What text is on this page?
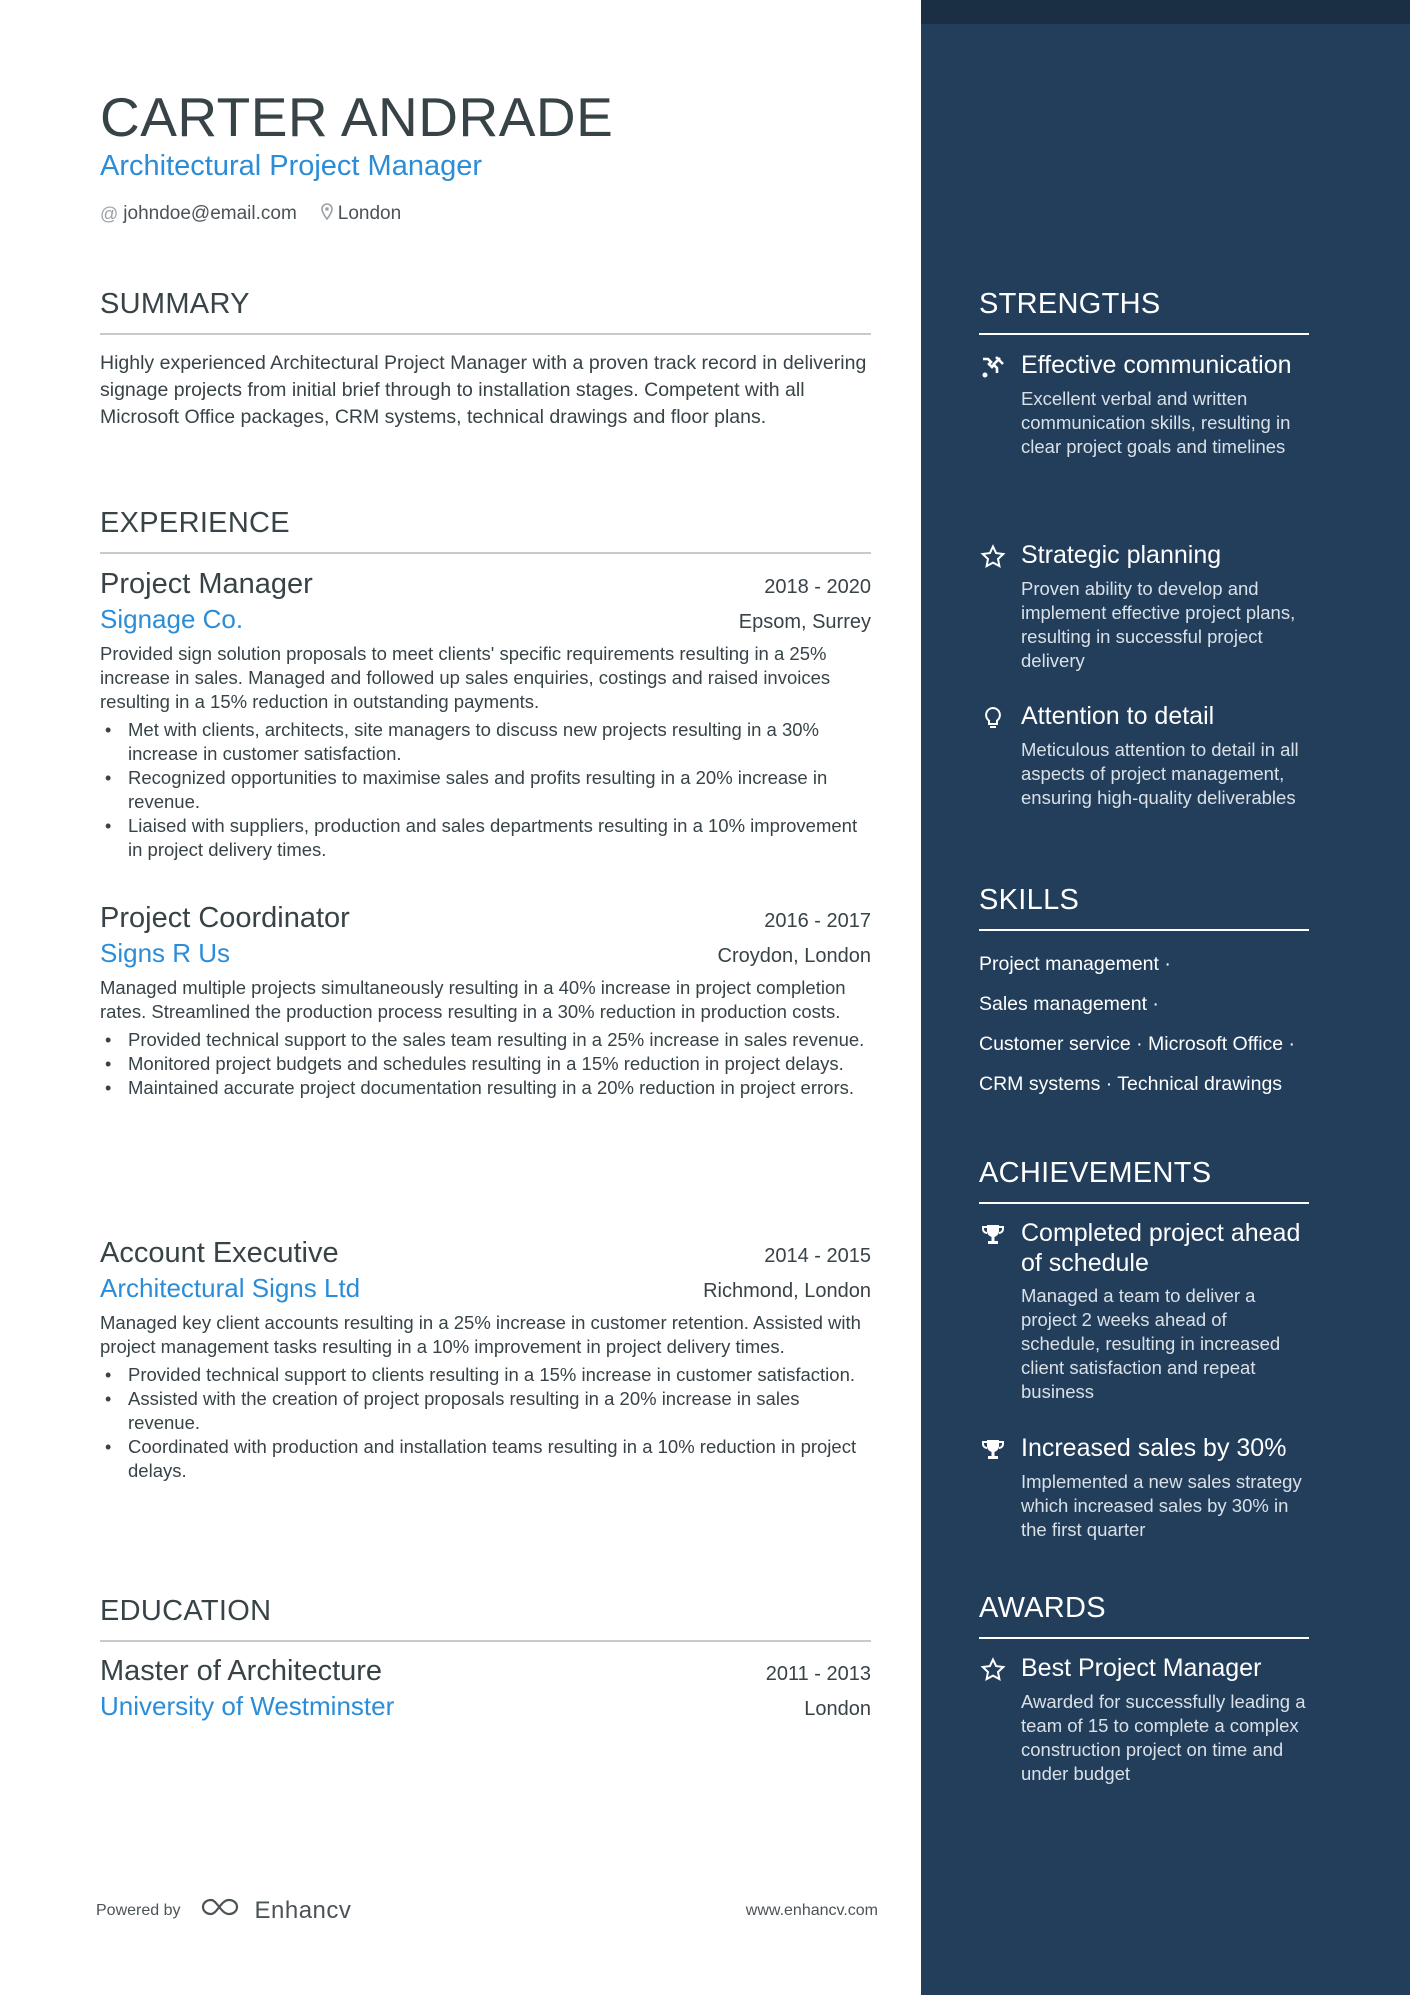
CARTER ANDRADE
Architectural Project Manager
@ johndoe@email.com London
SUMMARY
Highly experienced Architectural Project Manager with a proven track record in delivering signage projects from initial brief through to installation stages. Competent with all Microsoft Office packages, CRM systems, technical drawings and floor plans.
EXPERIENCE
Project Manager	2018 - 2020
Signage Co.	Epsom, Surrey
Provided sign solution proposals to meet clients' specific requirements resulting in a 25% increase in sales. Managed and followed up sales enquiries, costings and raised invoices resulting in a 15% reduction in outstanding payments.
• Met with clients, architects, site managers to discuss new projects resulting in a 30% increase in customer satisfaction.
• Recognized opportunities to maximise sales and profits resulting in a 20% increase in revenue.
• Liaised with suppliers, production and sales departments resulting in a 10% improvement in project delivery times.
Project Coordinator	2016 - 2017
Signs R Us	Croydon, London
Managed multiple projects simultaneously resulting in a 40% increase in project completion rates. Streamlined the production process resulting in a 30% reduction in production costs.
• Provided technical support to the sales team resulting in a 25% increase in sales revenue.
• Monitored project budgets and schedules resulting in a 15% reduction in project delays.
• Maintained accurate project documentation resulting in a 20% reduction in project errors.
Account Executive	2014 - 2015
Architectural Signs Ltd	Richmond, London
Managed key client accounts resulting in a 25% increase in customer retention. Assisted with project management tasks resulting in a 10% improvement in project delivery times.
• Provided technical support to clients resulting in a 15% increase in customer satisfaction.
• Assisted with the creation of project proposals resulting in a 20% increase in sales revenue.
• Coordinated with production and installation teams resulting in a 10% reduction in project delays.
EDUCATION
Master of Architecture	2011 - 2013
University of Westminster	London
Powered by	Enhancv	www.enhancv.com
STRENGTHS
Effective communication
Excellent verbal and written communication skills, resulting in clear project goals and timelines
Strategic planning
Proven ability to develop and implement effective project plans, resulting in successful project delivery
Attention to detail
Meticulous attention to detail in all aspects of project management, ensuring high-quality deliverables
SKILLS
Project management ·
Sales management ·
Customer service · Microsoft Office ·
CRM systems · Technical drawings
ACHIEVEMENTS
Completed project ahead of schedule
Managed a team to deliver a project 2 weeks ahead of schedule, resulting in increased client satisfaction and repeat business
Increased sales by 30%
Implemented a new sales strategy which increased sales by 30% in the first quarter
AWARDS
Best Project Manager
Awarded for successfully leading a team of 15 to complete a complex construction project on time and under budget
